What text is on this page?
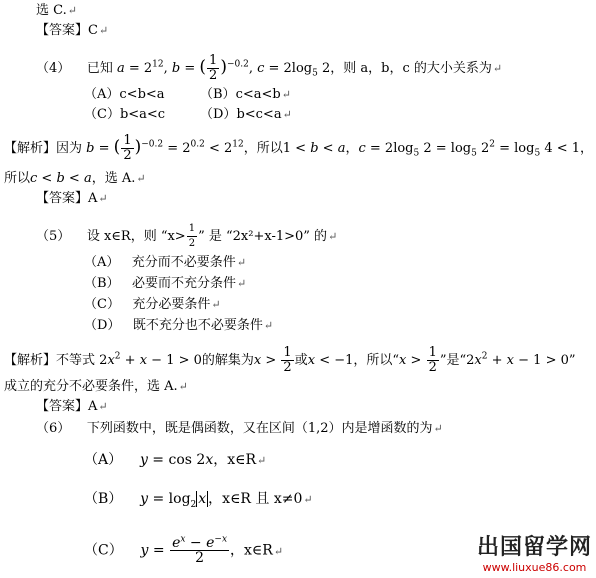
选 C.↵
【答案】C↵
（4） 已知 $a = 2^{12}$, b = ( $\frac{1}{2} )^{-0.2}$, $c = 2\log_5$ 2，则 a，b，c 的大小关系为↵
（A）c<b<a	（B）c<a<b↵
（C）b<a<c	（D）b<c<a↵
【解析】因为 b = ( $\frac{1}{2} )^{-0.2} = 2^{0.2} < 2^{12}$，所以1 < b < a，$c = 2\log_5$ $2 = \log_5 2^2 = \log_5 4 < 1$，
所以c < b < a，选 A.↵
【答案】A↵
（5） 设 x∈R，则 “$x> \frac{1}{2}$ ” 是 “2x²+x-1>0” 的↵
（A） 充分而不必要条件↵
（B） 必要而不充分条件↵
（C） 充分必要条件↵
（D） 既不充分也不必要条件↵
【解析】不等式 $2x^2 + x - 1 > 0$的解集为$x > \frac{1}{2}$ 或x < −1，所以“$x > \frac{1}{2}$ ”是“$2x^2 + x - 1 > 0$”
成立的充分不必要条件，选 A.↵
【答案】A↵
（6） 下列函数中，既是偶函数，又在区间（1,2）内是增函数的为↵
（A） y = cos 2x，x∈R↵
（B） $y = \log_2 x$ ，x∈R 且 x≠0↵
（C） $y = \frac{e^x - e^{-x}}{2}$ ，x∈R↵	出国留学网
www.liuxue86.com
